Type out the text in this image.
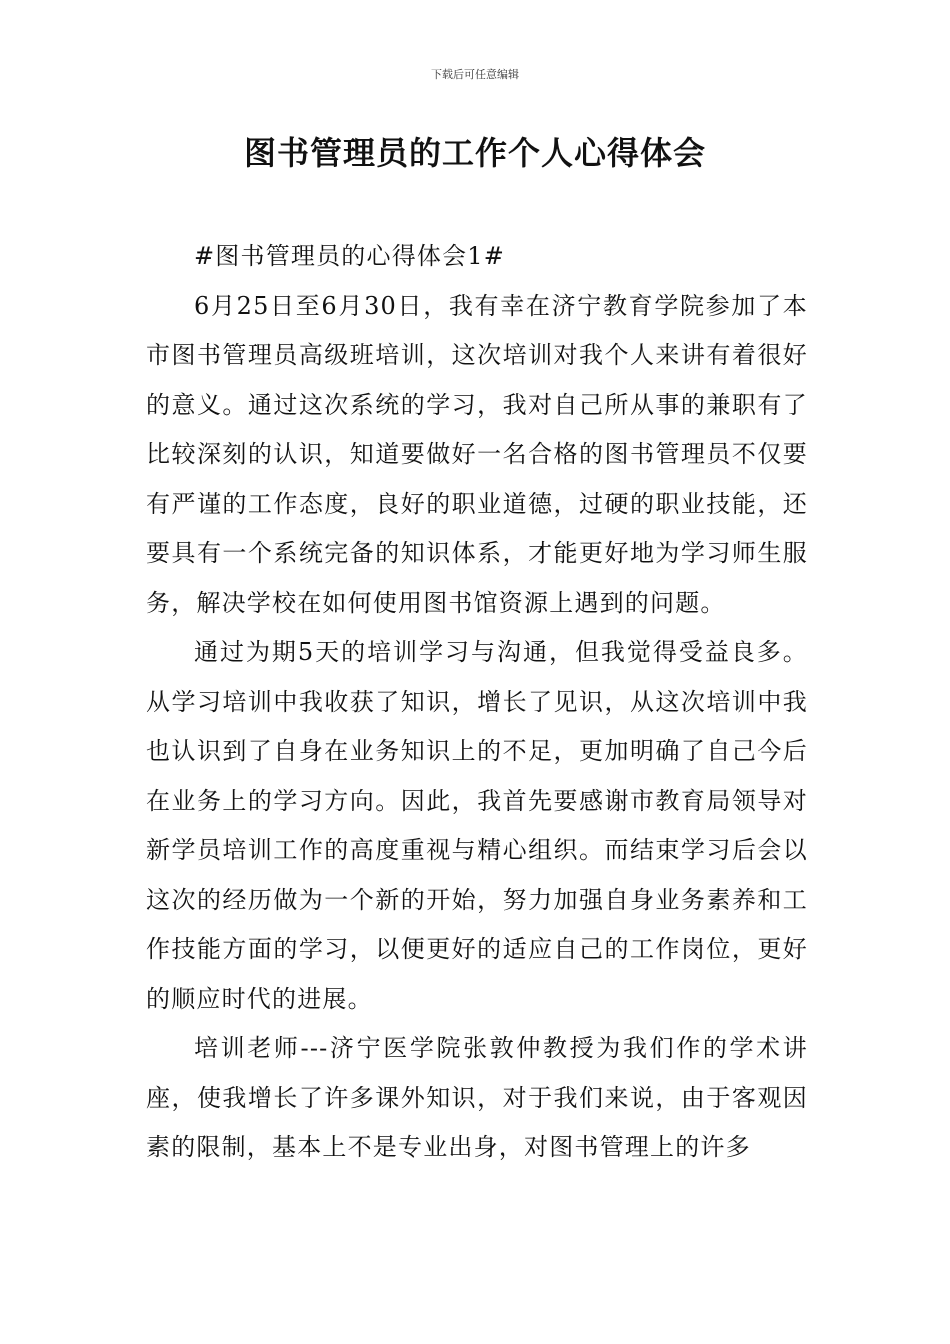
下载后可任意编辑
图书管理员的工作个人心得体会

#图书管理员的心得体会1#

6月25日至6月30日，我有幸在济宁教育学院参加了本市图书管理员高级班培训，这次培训对我个人来讲有着很好的意义。通过这次系统的学习，我对自己所从事的兼职有了比较深刻的认识，知道要做好一名合格的图书管理员不仅要有严谨的工作态度，良好的职业道德，过硬的职业技能，还要具有一个系统完备的知识体系，才能更好地为学习师生服务，解决学校在如何使用图书馆资源上遇到的问题。

通过为期5天的培训学习与沟通，但我觉得受益良多。从学习培训中我收获了知识，增长了见识，从这次培训中我也认识到了自身在业务知识上的不足，更加明确了自己今后在业务上的学习方向。因此，我首先要感谢市教育局领导对新学员培训工作的高度重视与精心组织。而结束学习后会以这次的经历做为一个新的开始，努力加强自身业务素养和工作技能方面的学习，以便更好的适应自己的工作岗位，更好的顺应时代的进展。

培训老师---济宁医学院张敦仲教授为我们作的学术讲座，使我增长了许多课外知识，对于我们来说，由于客观因素的限制，基本上不是专业出身，对图书管理上的许多
